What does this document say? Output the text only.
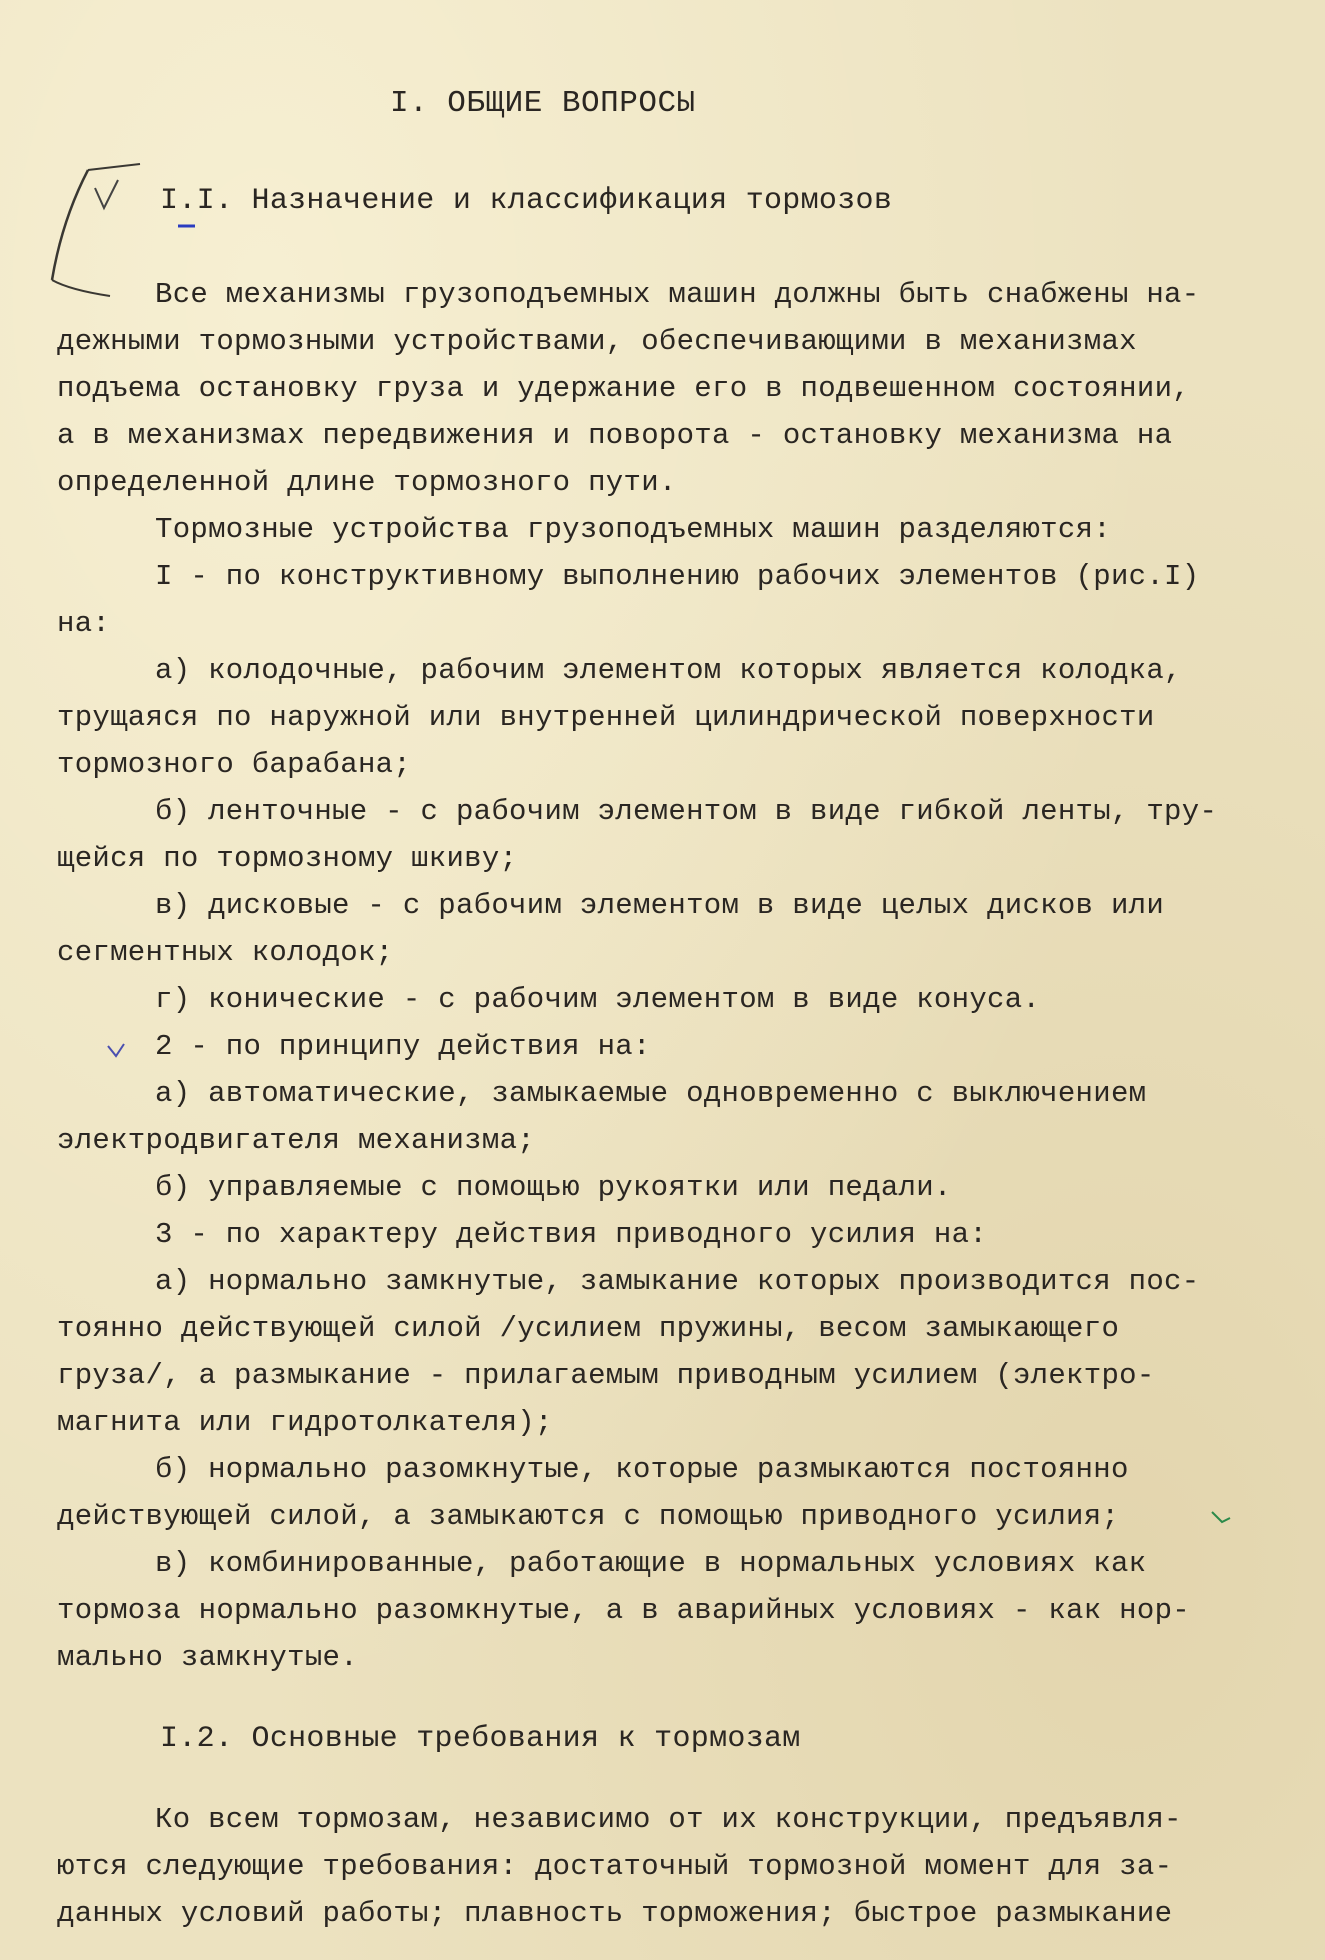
I. ОБЩИЕ ВОПРОСЫ
I.I. Назначение и классификация тормозов
Все механизмы грузоподъемных машин должны быть снабжены на-
дежными тормозными устройствами, обеспечивающими в механизмах
подъема остановку груза и удержание его в подвешенном состоянии,
а в механизмах передвижения и поворота - остановку механизма на
определенной длине тормозного пути.
Тормозные устройства грузоподъемных машин разделяются:
I - по конструктивному выполнению рабочих элементов (рис.I)
на:
а) колодочные, рабочим элементом которых является колодка,
трущаяся по наружной или внутренней цилиндрической поверхности
тормозного барабана;
б) ленточные - с рабочим элементом в виде гибкой ленты, тру-
щейся по тормозному шкиву;
в) дисковые - с рабочим элементом в виде целых дисков или
сегментных колодок;
г) конические - с рабочим элементом в виде конуса.
2 - по принципу действия на:
а) автоматические, замыкаемые одновременно с выключением
электродвигателя механизма;
б) управляемые с помощью рукоятки или педали.
3 - по характеру действия приводного усилия на:
а) нормально замкнутые, замыкание которых производится пос-
тоянно действующей силой /усилием пружины, весом замыкающего
груза/, а размыкание - прилагаемым приводным усилием (электро-
магнита или гидротолкателя);
б) нормально разомкнутые, которые размыкаются постоянно
действующей силой, а замыкаются с помощью приводного усилия;
в) комбинированные, работающие в нормальных условиях как
тормоза нормально разомкнутые, а в аварийных условиях - как нор-
мально замкнутые.
I.2. Основные требования к тормозам
Ко всем тормозам, независимо от их конструкции, предъявля-
ются следующие требования: достаточный тормозной момент для за-
данных условий работы; плавность торможения; быстрое размыкание
